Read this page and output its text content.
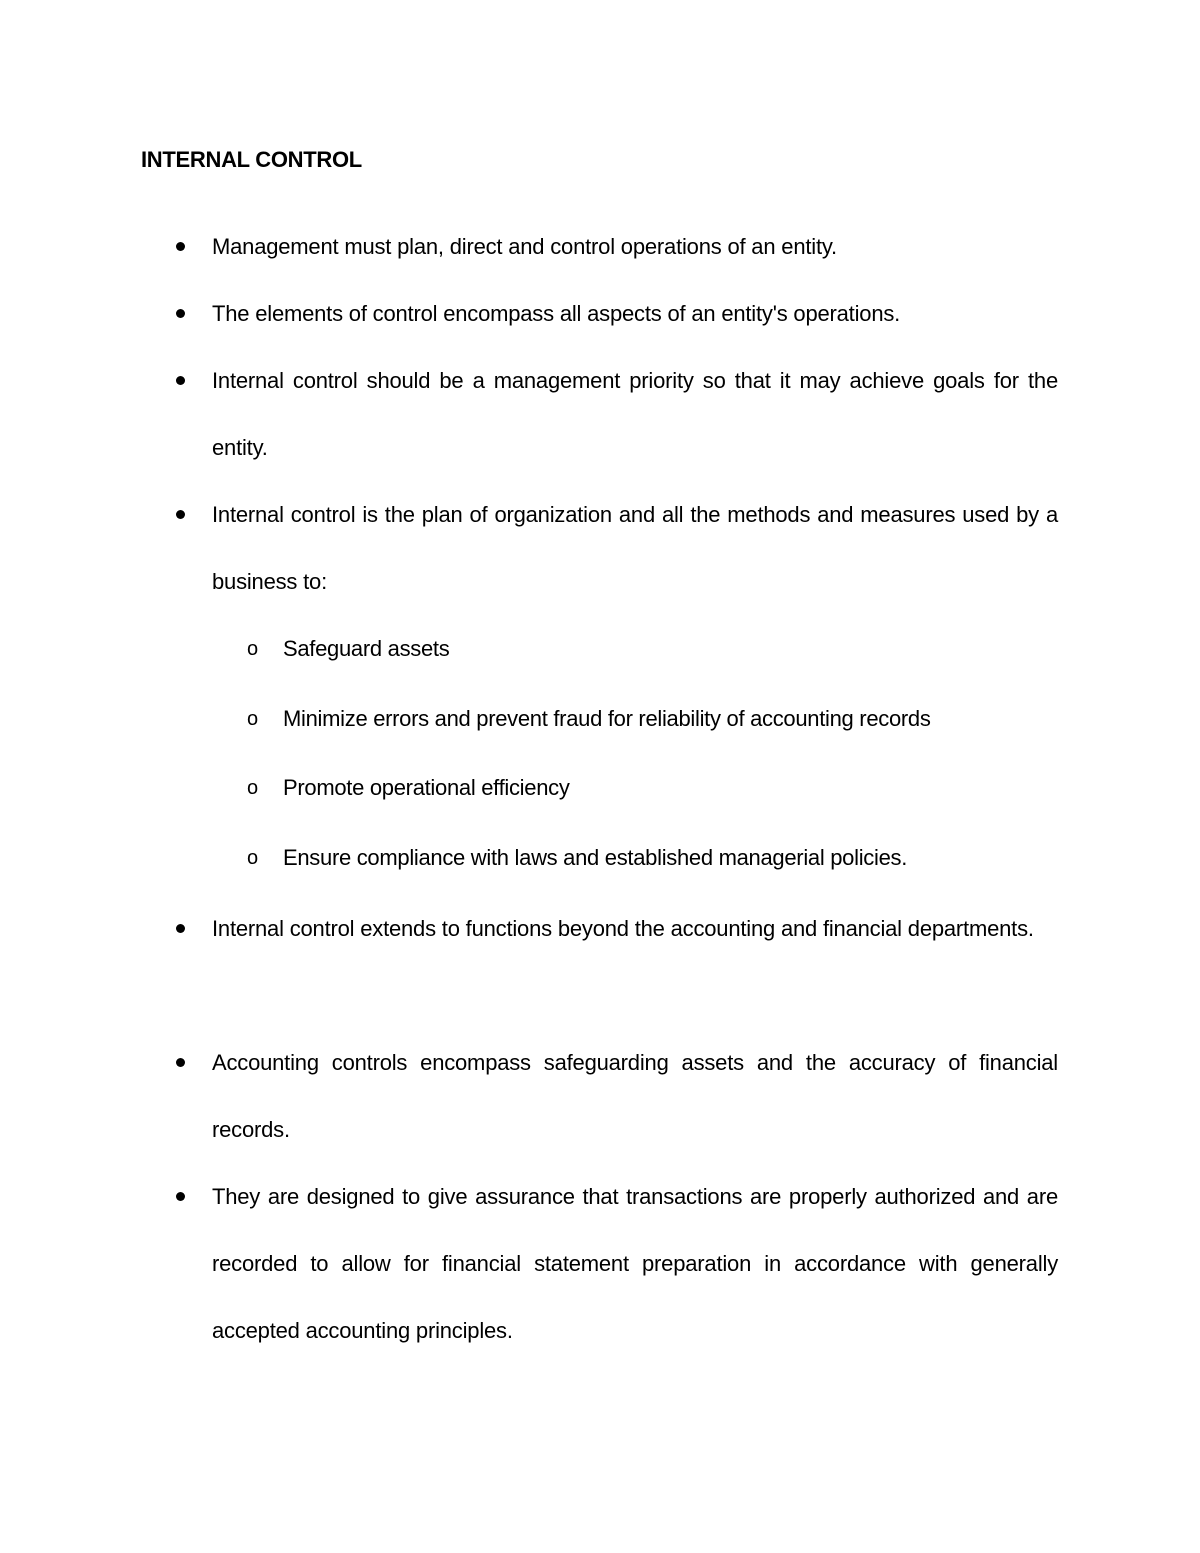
INTERNAL CONTROL
Management must plan, direct and control operations of an entity.
The elements of control encompass all aspects of an entity's operations.
Internal control should be a management priority so that it may achieve goals for the entity.
Internal control is the plan of organization and all the methods and measures used by a business to:
o Safeguard assets
o Minimize errors and prevent fraud for reliability of accounting records
o Promote operational efficiency
o Ensure compliance with laws and established managerial policies.
Internal control extends to functions beyond the accounting and financial departments.
Accounting controls encompass safeguarding assets and the accuracy of financial records.
They are designed to give assurance that transactions are properly authorized and are recorded to allow for financial statement preparation in accordance with generally accepted accounting principles.
